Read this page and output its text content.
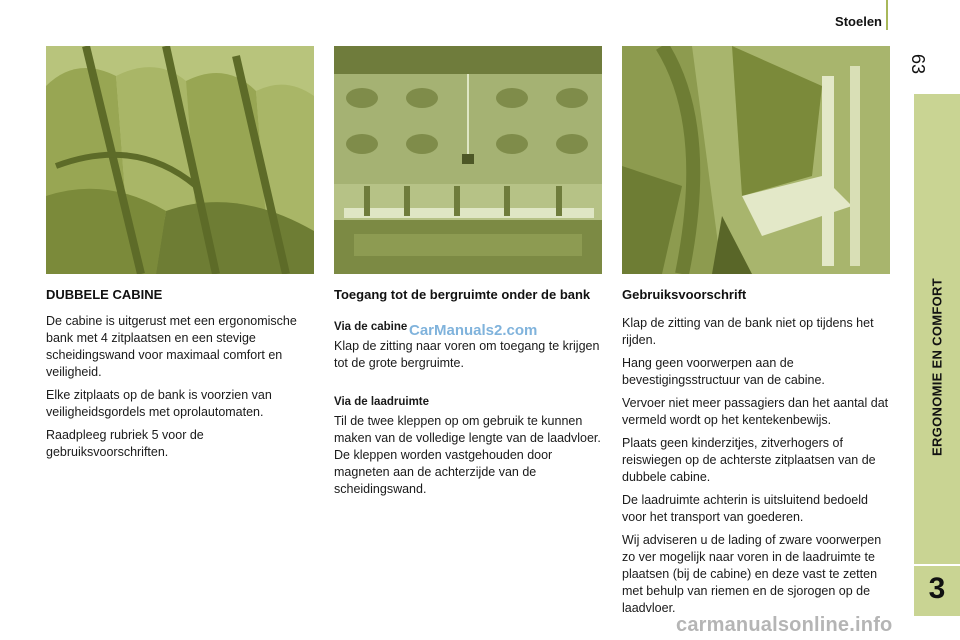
Stoelen
63
ERGONOMIE EN COMFORT
3
DUBBELE CABINE

De cabine is uitgerust met een ergonomische bank met 4 zitplaatsen en een stevige scheidingswand voor maximaal comfort en veiligheid.

Elke zitplaats op de bank is voorzien van veiligheidsgordels met oprolautomaten.

Raadpleeg rubriek 5 voor de gebruiksvoorschriften.

Toegang tot de bergruimte onder de bank
Via de cabine

Klap de zitting naar voren om toegang te krijgen tot de grote bergruimte.

Via de laadruimte

Til de twee kleppen op om gebruik te kunnen maken van de volledige lengte van de laadvloer. De kleppen worden vastgehouden door magneten aan de achterzijde van de scheidingswand.

Gebruiksvoorschrift

Klap de zitting van de bank niet op tijdens het rijden.

Hang geen voorwerpen aan de bevestigingsstructuur van de cabine.

Vervoer niet meer passagiers dan het aantal dat vermeld wordt op het kentekenbewijs.

Plaats geen kinderzitjes, zitverhogers of reiswiegen op de achterste zitplaatsen van de dubbele cabine.

De laadruimte achterin is uitsluitend bedoeld voor het transport van goederen.

Wij adviseren u de lading of zware voorwerpen zo ver mogelijk naar voren in de laadruimte te plaatsen (bij de cabine) en deze vast te zetten met behulp van riemen en de sjorogen op de laadvloer.

CarManuals2.com
carmanualsonline.info
